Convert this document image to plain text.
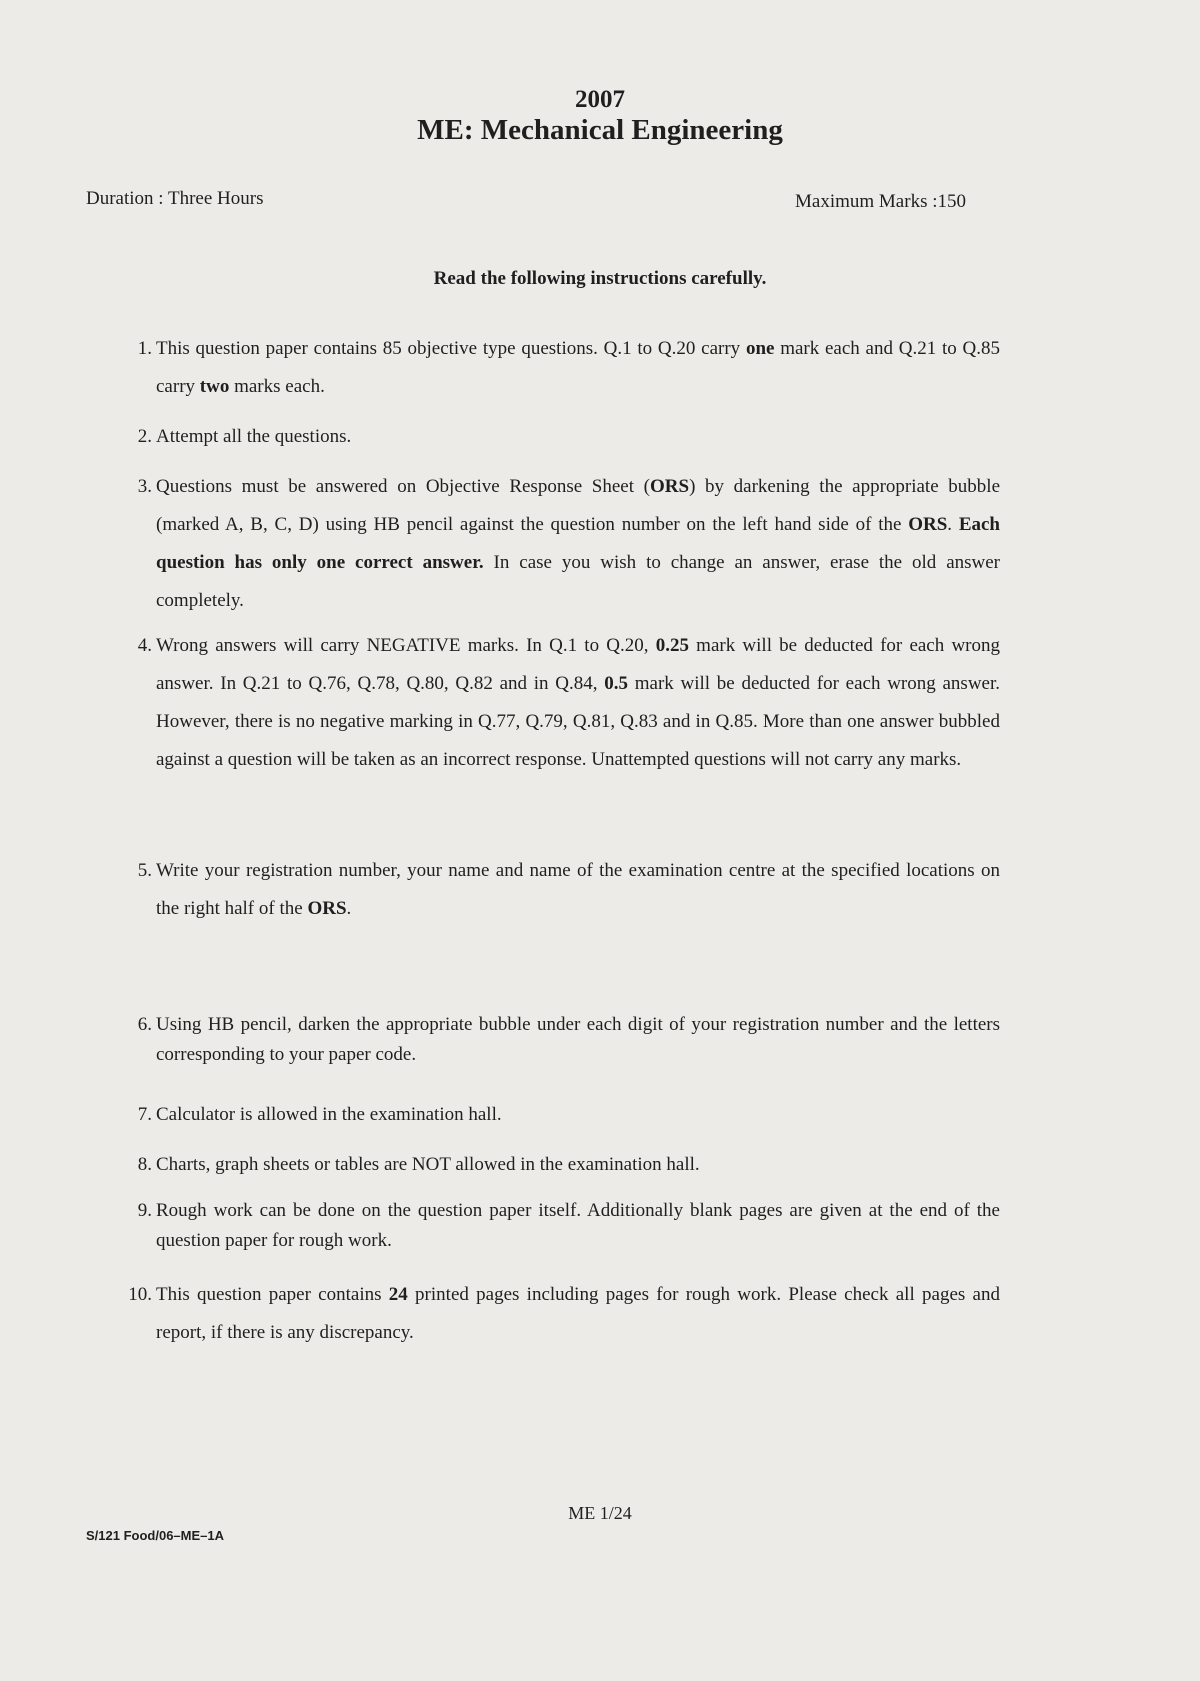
2007
ME: Mechanical Engineering
Duration : Three Hours	Maximum Marks :150
Read the following instructions carefully.
1. This question paper contains 85 objective type questions. Q.1 to Q.20 carry one mark each and Q.21 to Q.85 carry two marks each.
2. Attempt all the questions.
3. Questions must be answered on Objective Response Sheet (ORS) by darkening the appropriate bubble (marked A, B, C, D) using HB pencil against the question number on the left hand side of the ORS. Each question has only one correct answer. In case you wish to change an answer, erase the old answer completely.
4. Wrong answers will carry NEGATIVE marks. In Q.1 to Q.20, 0.25 mark will be deducted for each wrong answer. In Q.21 to Q.76, Q.78, Q.80, Q.82 and in Q.84, 0.5 mark will be deducted for each wrong answer. However, there is no negative marking in Q.77, Q.79, Q.81, Q.83 and in Q.85. More than one answer bubbled against a question will be taken as an incorrect response. Unattempted questions will not carry any marks.
5. Write your registration number, your name and name of the examination centre at the specified locations on the right half of the ORS.
6. Using HB pencil, darken the appropriate bubble under each digit of your registration number and the letters corresponding to your paper code.
7. Calculator is allowed in the examination hall.
8. Charts, graph sheets or tables are NOT allowed in the examination hall.
9. Rough work can be done on the question paper itself. Additionally blank pages are given at the end of the question paper for rough work.
10. This question paper contains 24 printed pages including pages for rough work. Please check all pages and report, if there is any discrepancy.
ME 1/24
S/121 Food/06–ME–1A
